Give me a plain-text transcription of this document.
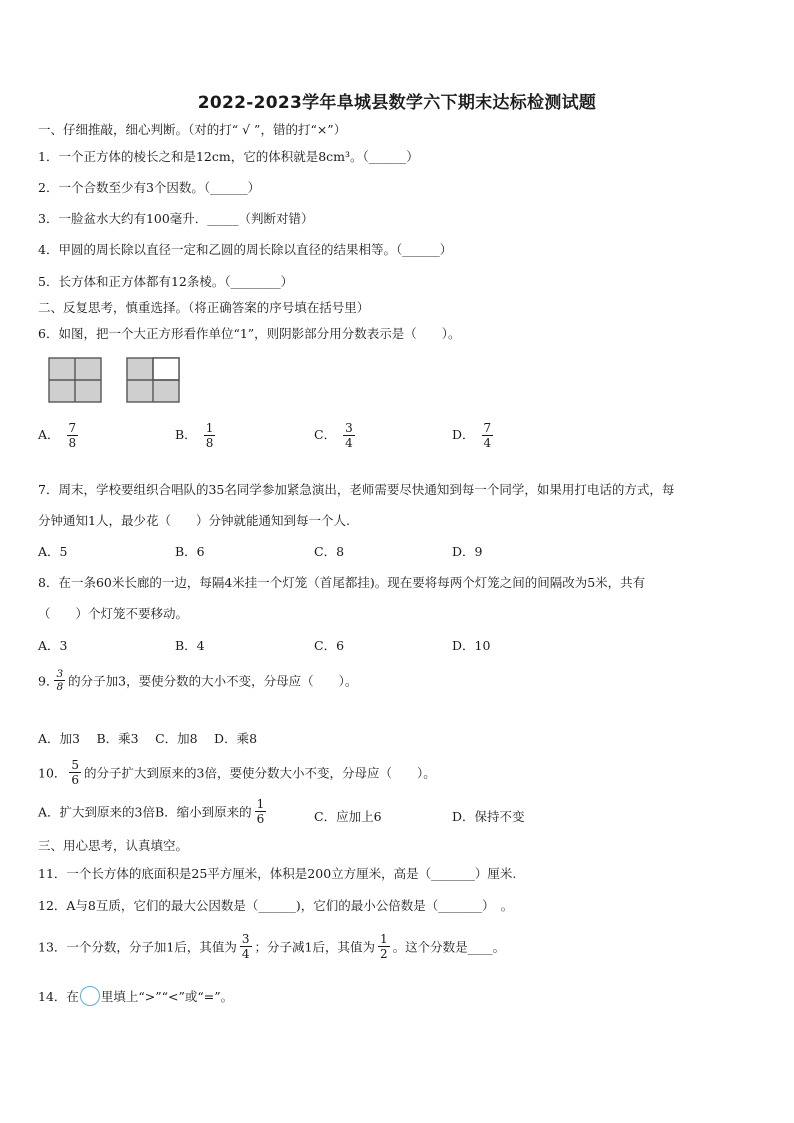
2022-2023学年阜城县数学六下期末达标检测试题
一、仔细推敲，细心判断。（对的打“ √ ”，错的打“×”）
1．一个正方体的棱长之和是12cm，它的体积就是8cm³。（______）
2．一个合数至少有3个因数。（______）
3．一脸盆水大约有100毫升．_____（判断对错）
4．甲圆的周长除以直径一定和乙圆的周长除以直径的结果相等。（______）
5．长方体和正方体都有12条棱。（________）
二、反复思考，慎重选择。（将正确答案的序号填在括号里）
6．如图，把一个大正方形看作单位“1”，则阴影部分用分数表示是（　　）。
A． $\frac{7}{8}$	B． $\frac{1}{8}$	C． $\frac{3}{4}$	D． $\frac{7}{4}$
7．周末，学校要组织合唱队的35名同学参加紧急演出，老师需要尽快通知到每一个同学，如果用打电话的方式，每
分钟通知1人，最少花（　　）分钟就能通知到每一个人.
A．5	B．6	C．8	D．9
8．在一条60米长廊的一边，每隔4米挂一个灯笼（首尾都挂)。现在要将每两个灯笼之间的间隔改为5米，共有
（　　）个灯笼不要移动。
A．3	B．4	C．6	D．10
9．
$\frac{3}{8}$ 的分子加3，要使分数的大小不变，分母应（　　）。
A．加3　 B．乘3　 C．加8　 D．乘8
10． $\frac{5}{6}$ 的分子扩大到原来的3倍，要使分数大小不变，分母应（　　）。
A．扩大到原来的3倍B．缩小到原来的 $\frac{1}{6}$	C．应加上6	D．保持不变
三、用心思考，认真填空。
11．一个长方体的底面积是25平方厘米，体积是200立方厘米，高是（_______）厘米.
12．A与8互质，它们的最大公因数是（______)，它们的最小公倍数是（_______）　。
13．一个分数，分子加1后，其值为 $\frac{3}{4}$ ；分子减1后，其值为 $\frac{1}{2}$ 。这个分数是____。
14．在 里填上“>”“<”或“=”。
